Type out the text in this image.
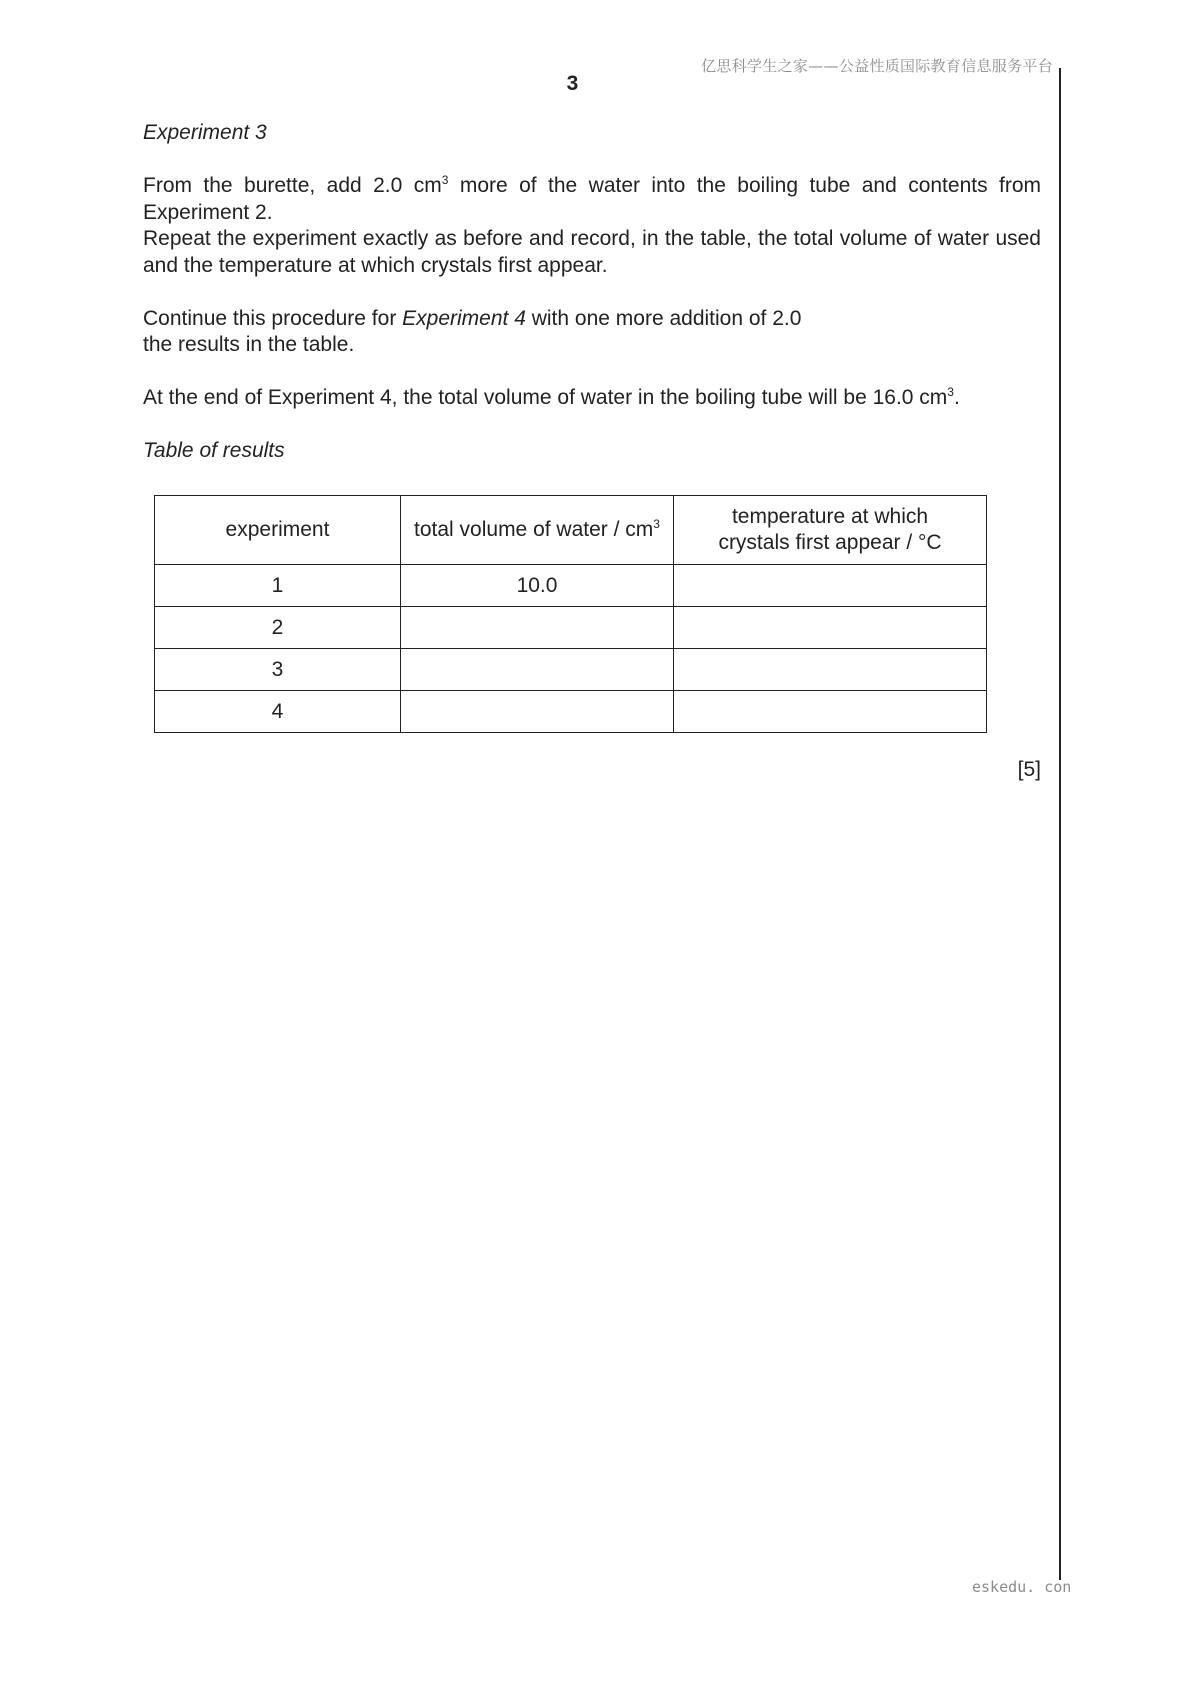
亿思科学生之家——公益性质国际教育信息服务平台
3

Experiment 3

From the burette, add 2.0 $cm^3$ more of the water into the boiling tube and contents from Experiment 2.

Repeat the experiment exactly as before and record, in the table, the total volume of water used and the temperature at which crystals first appear.

Continue this procedure for Experiment 4 with one more addition of 2.0
the results in the table.

At the end of Experiment 4, the total volume of water in the boiling tube will be 16.0 $cm^3$.

Table of results

experiment	total volume of water / $cm^3$	temperature at which
crystals first appear / °C
1	10.0	
2		
3		
4		
[5]
eskedu. con
